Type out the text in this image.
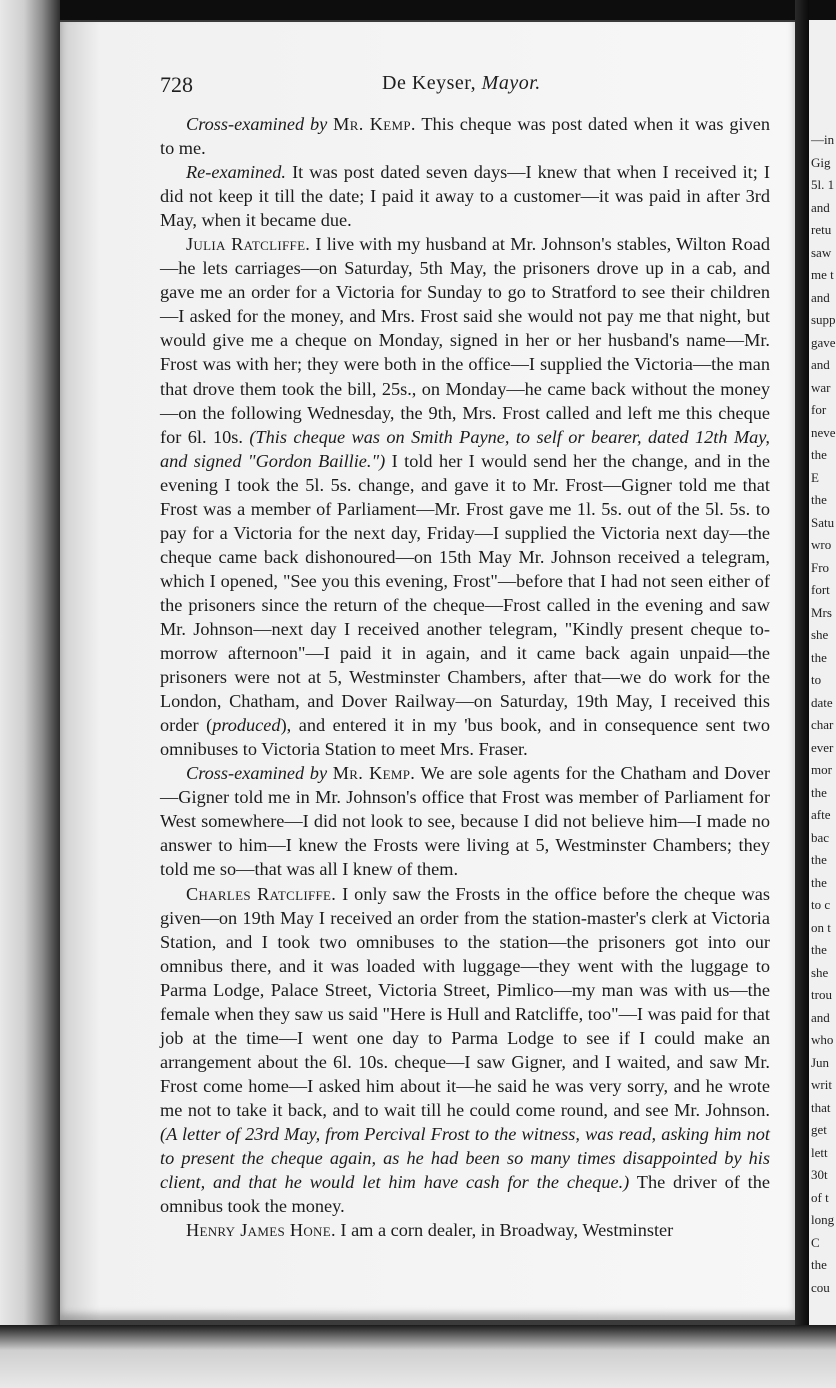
728	De Keyser, Mayor.

Cross-examined by Mr. Kemp. This cheque was post dated when it was given to me.

Re-examined. It was post dated seven days—I knew that when I received it; I did not keep it till the date; I paid it away to a customer—it was paid in after 3rd May, when it became due.

Julia Ratcliffe. I live with my husband at Mr. Johnson's stables, Wilton Road—he lets carriages—on Saturday, 5th May, the prisoners drove up in a cab, and gave me an order for a Victoria for Sunday to go to Stratford to see their children—I asked for the money, and Mrs. Frost said she would not pay me that night, but would give me a cheque on Monday, signed in her or her husband's name—Mr. Frost was with her; they were both in the office—I supplied the Victoria—the man that drove them took the bill, 25s., on Monday—he came back without the money—on the following Wednesday, the 9th, Mrs. Frost called and left me this cheque for 6l. 10s. (This cheque was on Smith Payne, to self or bearer, dated 12th May, and signed "Gordon Baillie.") I told her I would send her the change, and in the evening I took the 5l. 5s. change, and gave it to Mr. Frost—Gigner told me that Frost was a member of Parliament—Mr. Frost gave me 1l. 5s. out of the 5l. 5s. to pay for a Victoria for the next day, Friday—I supplied the Victoria next day—the cheque came back dishonoured—on 15th May Mr. Johnson received a telegram, which I opened, "See you this evening, Frost"—before that I had not seen either of the prisoners since the return of the cheque—Frost called in the evening and saw Mr. Johnson—next day I received another telegram, "Kindly present cheque to-morrow afternoon"—I paid it in again, and it came back again unpaid—the prisoners were not at 5, Westminster Chambers, after that—we do work for the London, Chatham, and Dover Railway—on Saturday, 19th May, I received this order (produced), and entered it in my 'bus book, and in consequence sent two omnibuses to Victoria Station to meet Mrs. Fraser.

Cross-examined by Mr. Kemp. We are sole agents for the Chatham and Dover—Gigner told me in Mr. Johnson's office that Frost was member of Parliament for West somewhere—I did not look to see, because I did not believe him—I made no answer to him—I knew the Frosts were living at 5, Westminster Chambers; they told me so—that was all I knew of them.

Charles Ratcliffe. I only saw the Frosts in the office before the cheque was given—on 19th May I received an order from the station-master's clerk at Victoria Station, and I took two omnibuses to the station—the prisoners got into our omnibus there, and it was loaded with luggage—they went with the luggage to Parma Lodge, Palace Street, Victoria Street, Pimlico—my man was with us—the female when they saw us said "Here is Hull and Ratcliffe, too"—I was paid for that job at the time—I went one day to Parma Lodge to see if I could make an arrangement about the 6l. 10s. cheque—I saw Gigner, and I waited, and saw Mr. Frost come home—I asked him about it—he said he was very sorry, and he wrote me not to take it back, and to wait till he could come round, and see Mr. Johnson. (A letter of 23rd May, from Percival Frost to the witness, was read, asking him not to present the cheque again, as he had been so many times disappointed by his client, and that he would let him have cash for the cheque.) The driver of the omnibus took the money.

Henry James Hone. I am a corn dealer, in Broadway, Westminster

—in
Gig
5l. 1
and
retu
saw
me t
and
supp
gave
and
war
for
neve
the
E
the
Satu
wro
Fro
fort
Mrs
she
the
to
date
char
ever
mor
the
afte
bac
the
the
to c
on t
the
she
trou
and
who
Jun
writ
that
get
lett
30t
of t
long
C
the
cou
